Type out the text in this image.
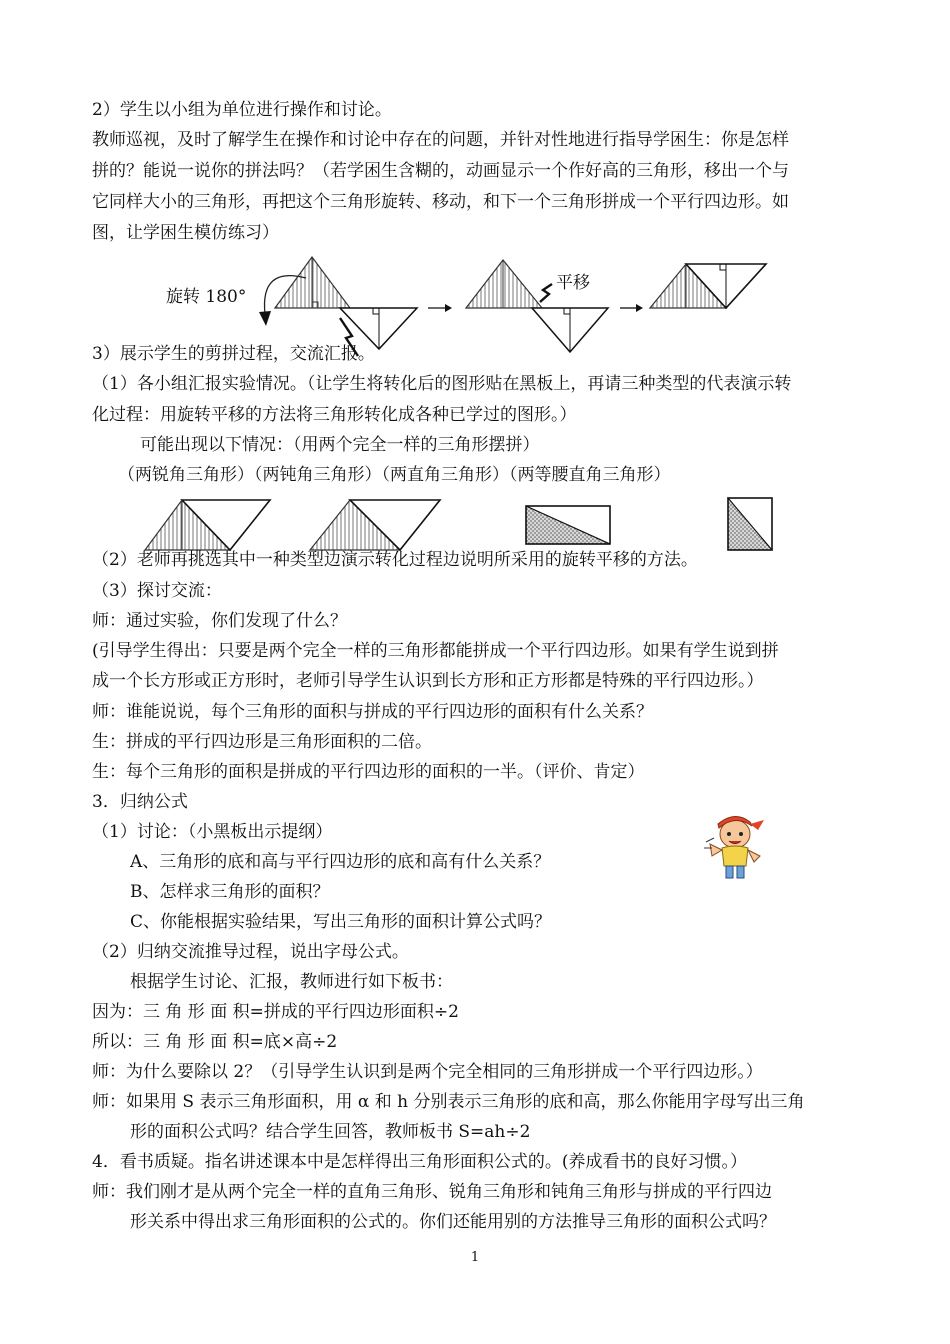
2）学生以小组为单位进行操作和讨论。
教师巡视，及时了解学生在操作和讨论中存在的问题，并针对性地进行指导学困生：你是怎样
拼的？能说一说你的拼法吗？（若学困生含糊的，动画显示一个作好高的三角形，移出一个与
它同样大小的三角形，再把这个三角形旋转、移动，和下一个三角形拼成一个平行四边形。如
图，让学困生模仿练习）
旋转 180°
平移
3）展示学生的剪拼过程，交流汇报。
（1）各小组汇报实验情况。（让学生将转化后的图形贴在黑板上，再请三种类型的代表演示转
化过程：用旋转平移的方法将三角形转化成各种已学过的图形。）
可能出现以下情况：（用两个完全一样的三角形摆拼）
（两锐角三角形）（两钝角三角形）（两直角三角形）（两等腰直角三角形）
（2）老师再挑选其中一种类型边演示转化过程边说明所采用的旋转平移的方法。
（3）探讨交流：
师：通过实验，你们发现了什么？
(引导学生得出：只要是两个完全一样的三角形都能拼成一个平行四边形。如果有学生说到拼
成一个长方形或正方形时，老师引导学生认识到长方形和正方形都是特殊的平行四边形。）
师：谁能说说，每个三角形的面积与拼成的平行四边形的面积有什么关系？
生：拼成的平行四边形是三角形面积的二倍。
生：每个三角形的面积是拼成的平行四边形的面积的一半。（评价、肯定）
3．归纳公式
（1）讨论：（小黑板出示提纲）
A、三角形的底和高与平行四边形的底和高有什么关系？
B、怎样求三角形的面积？
C、你能根据实验结果，写出三角形的面积计算公式吗？
（2）归纳交流推导过程，说出字母公式。
根据学生讨论、汇报，教师进行如下板书：
因为：三 角 形 面 积=拼成的平行四边形面积÷2
所以：三 角 形 面 积=底×高÷2
师：为什么要除以 2？（引导学生认识到是两个完全相同的三角形拼成一个平行四边形。）
师：如果用 S 表示三角形面积，用 α 和 h 分别表示三角形的底和高，那么你能用字母写出三角
形的面积公式吗？结合学生回答，教师板书 S=ah÷2
4．看书质疑。指名讲述课本中是怎样得出三角形面积公式的。(养成看书的良好习惯。）
师：我们刚才是从两个完全一样的直角三角形、锐角三角形和钝角三角形与拼成的平行四边
形关系中得出求三角形面积的公式的。你们还能用别的方法推导三角形的面积公式吗？
1
